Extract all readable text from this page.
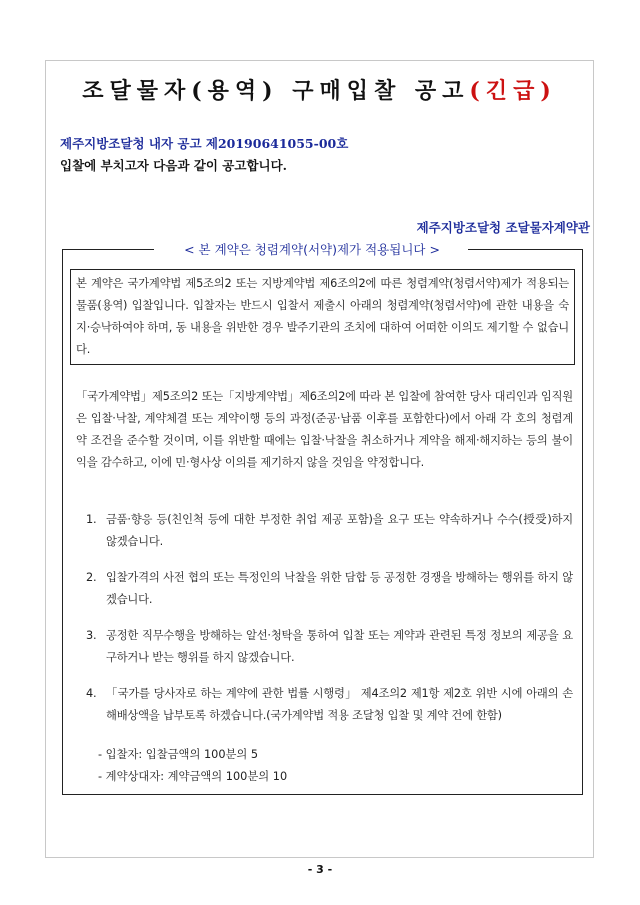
조달물자(용역) 구매입찰 공고(긴급)
제주지방조달청 내자 공고 제20190641055-00호
입찰에 부치고자 다음과 같이 공고합니다.
제주지방조달청 조달물자계약관
< 본 계약은 청렴계약(서약)제가 적용됩니다 >
본 계약은 국가계약법 제5조의2 또는 지방계약법 제6조의2에 따른 청렴계약(청렴서약)제가 적용되는 물품(용역) 입찰입니다. 입찰자는 반드시 입찰서 제출시 아래의 청렴계약(청렴서약)에 관한 내용을 숙지·승낙하여야 하며, 동 내용을 위반한 경우 발주기관의 조치에 대하여 어떠한 이의도 제기할 수 없습니다.
「국가계약법」제5조의2 또는「지방계약법」제6조의2에 따라 본 입찰에 참여한 당사 대리인과 임직원은 입찰·낙찰, 계약체결 또는 계약이행 등의 과정(준공·납품 이후를 포함한다)에서 아래 각 호의 청렴계약 조건을 준수할 것이며, 이를 위반할 때에는 입찰·낙찰을 취소하거나 계약을 해제·해지하는 등의 불이익을 감수하고, 이에 민·형사상 이의를 제기하지 않을 것임을 약정합니다.
1. 금품·향응 등(친인척 등에 대한 부정한 취업 제공 포함)을 요구 또는 약속하거나 수수(授受)하지 않겠습니다.
2. 입찰가격의 사전 협의 또는 특정인의 낙찰을 위한 담합 등 공정한 경쟁을 방해하는 행위를 하지 않겠습니다.
3. 공정한 직무수행을 방해하는 알선·청탁을 통하여 입찰 또는 계약과 관련된 특정 정보의 제공을 요구하거나 받는 행위를 하지 않겠습니다.
4. 「국가를 당사자로 하는 계약에 관한 법률 시행령」 제4조의2 제1항 제2호 위반 시에 아래의 손해배상액을 납부토록 하겠습니다.(국가계약법 적용 조달청 입찰 및 계약 건에 한함)
- 입찰자: 입찰금액의 100분의 5
- 계약상대자: 계약금액의 100분의 10
- 3 -
